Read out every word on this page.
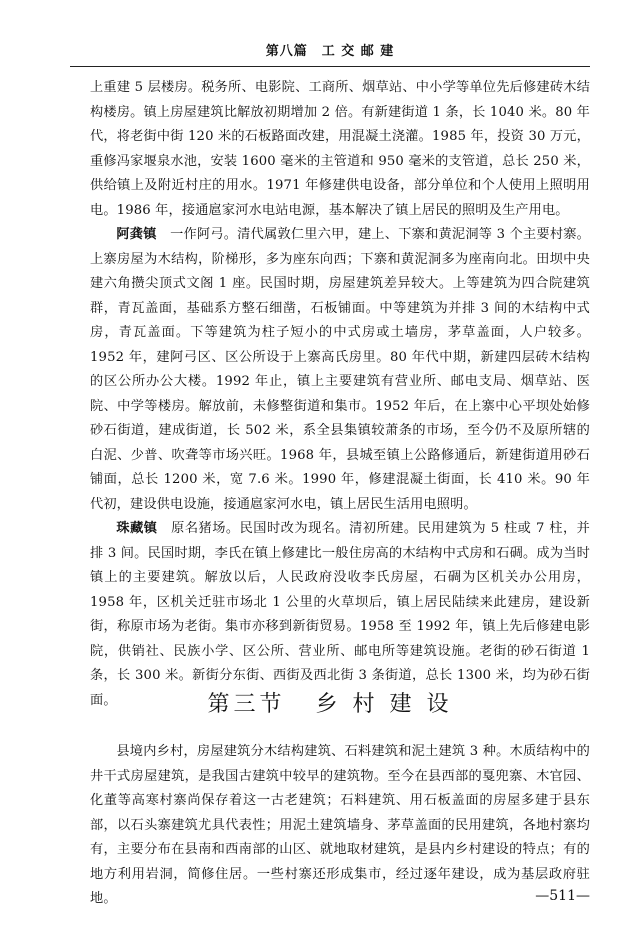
第八篇　工 交 邮 建

上重建 5 层楼房。税务所、电影院、工商所、烟草站、中小学等单位先后修建砖木结构楼房。镇上房屋建筑比解放初期增加 2 倍。有新建街道 1 条，长 1040 米。80 年代，将老街中街 120 米的石板路面改建，用混凝土浇灌。1985 年，投资 30 万元，重修冯家堰泉水池，安装 1600 毫米的主管道和 950 毫米的支管道，总长 250 米，供给镇上及附近村庄的用水。1971 年修建供电设备，部分单位和个人使用上照明用电。1986 年，接通扈家河水电站电源，基本解决了镇上居民的照明及生产用电。

阿龚镇　一作阿弓。清代属敦仁里六甲，建上、下寨和黄泥洞等 3 个主要村寨。上寨房屋为木结构，阶梯形，多为座东向西；下寨和黄泥洞多为座南向北。田坝中央建六角攒尖顶式文阁 1 座。民国时期，房屋建筑差异较大。上等建筑为四合院建筑群，青瓦盖面，基础系方整石细凿，石板铺面。中等建筑为并排 3 间的木结构中式房，青瓦盖面。下等建筑为柱子短小的中式房或土墙房，茅草盖面，人户较多。1952 年，建阿弓区、区公所设于上寨高氏房里。80 年代中期，新建四层砖木结构的区公所办公大楼。1992 年止，镇上主要建筑有营业所、邮电支局、烟草站、医院、中学等楼房。解放前，未修整街道和集市。1952 年后，在上寨中心平坝处始修砂石街道，建成街道，长 502 米，系全县集镇较萧条的市场，至今仍不及原所辖的白泥、少普、吹聋等市场兴旺。1968 年，县城至镇上公路修通后，新建街道用砂石铺面，总长 1200 米，宽 7.6 米。1990 年，修建混凝土街面，长 410 米。90 年代初，建设供电设施，接通扈家河水电，镇上居民生活用电照明。

珠藏镇　原名猪场。民国时改为现名。清初所建。民用建筑为 5 柱或 7 柱，并排 3 间。民国时期，李氏在镇上修建比一般住房高的木结构中式房和石碉。成为当时镇上的主要建筑。解放以后，人民政府没收李氏房屋，石碉为区机关办公用房，1958 年，区机关迁驻市场北 1 公里的火草坝后，镇上居民陆续来此建房，建设新街，称原市场为老街。集市亦移到新街贸易。1958 至 1992 年，镇上先后修建电影院，供销社、民族小学、区公所、营业所、邮电所等建筑设施。老街的砂石街道 1 条，长 300 米。新街分东街、西街及西北街 3 条街道，总长 1300 米，均为砂石街面。	第三节 乡 村 建 设

县境内乡村，房屋建筑分木结构建筑、石料建筑和泥土建筑 3 种。木质结构中的井干式房屋建筑，是我国古建筑中较早的建筑物。至今在县西部的戛兜寨、木官园、化董等高寒村寨尚保存着这一古老建筑；石料建筑、用石板盖面的房屋多建于县东部，以石头寨建筑尤具代表性；用泥土建筑墙身、茅草盖面的民用建筑，各地村寨均有，主要分布在县南和西南部的山区、就地取材建筑，是县内乡村建设的特点；有的地方利用岩洞，简修住居。一些村寨还形成集市，经过逐年建设，成为基层政府驻地。	—511—
